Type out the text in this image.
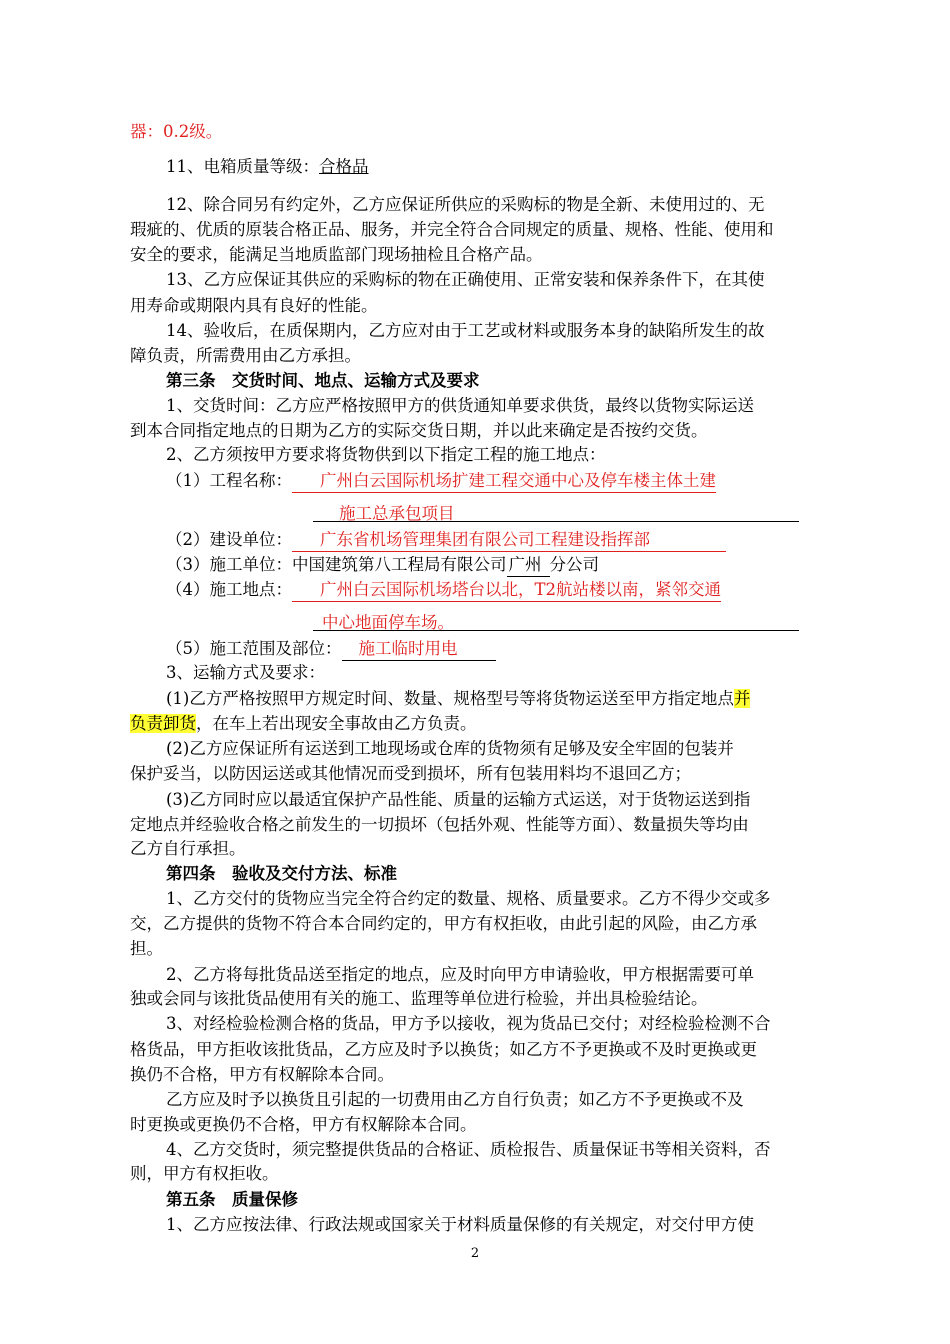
器：0.2级。
11、电箱质量等级：合格品
12、除合同另有约定外，乙方应保证所供应的采购标的物是全新、未使用过的、无
瑕疵的、优质的原装合格正品、服务，并完全符合合同规定的质量、规格、性能、使用和
安全的要求，能满足当地质监部门现场抽检且合格产品。
13、乙方应保证其供应的采购标的物在正确使用、正常安装和保养条件下，在其使
用寿命或期限内具有良好的性能。
14、验收后，在质保期内，乙方应对由于工艺或材料或服务本身的缺陷所发生的故
障负责，所需费用由乙方承担。
第三条　交货时间、地点、运输方式及要求
1、交货时间：乙方应严格按照甲方的供货通知单要求供货，最终以货物实际运送
到本合同指定地点的日期为乙方的实际交货日期，并以此来确定是否按约交货。
2、乙方须按甲方要求将货物供到以下指定工程的施工地点：
（1）工程名称： 广州白云国际机场扩建工程交通中心及停车楼主体土建
施工总承包项目
（2）建设单位： 广东省机场管理集团有限公司工程建设指挥部
（3）施工单位：中国建筑第八工程局有限公司 广州 分公司
（4）施工地点： 广州白云国际机场塔台以北，T2航站楼以南，紧邻交通
中心地面停车场。
（5）施工范围及部位： 施工临时用电
3、运输方式及要求：
(1)乙方严格按照甲方规定时间、数量、规格型号等将货物运送至甲方指定地点并
负责卸货，在车上若出现安全事故由乙方负责。
(2)乙方应保证所有运送到工地现场或仓库的货物须有足够及安全牢固的包装并
保护妥当，以防因运送或其他情况而受到损坏，所有包装用料均不退回乙方；
(3)乙方同时应以最适宜保护产品性能、质量的运输方式运送，对于货物运送到指
定地点并经验收合格之前发生的一切损坏（包括外观、性能等方面）、数量损失等均由
乙方自行承担。
第四条　验收及交付方法、标准
1、乙方交付的货物应当完全符合约定的数量、规格、质量要求。乙方不得少交或多
交，乙方提供的货物不符合本合同约定的，甲方有权拒收，由此引起的风险，由乙方承
担。
2、乙方将每批货品送至指定的地点，应及时向甲方申请验收，甲方根据需要可单
独或会同与该批货品使用有关的施工、监理等单位进行检验，并出具检验结论。
3、对经检验检测合格的货品，甲方予以接收，视为货品已交付；对经检验检测不合
格货品，甲方拒收该批货品，乙方应及时予以换货；如乙方不予更换或不及时更换或更
换仍不合格，甲方有权解除本合同。
乙方应及时予以换货且引起的一切费用由乙方自行负责；如乙方不予更换或不及
时更换或更换仍不合格，甲方有权解除本合同。
4、乙方交货时，须完整提供货品的合格证、质检报告、质量保证书等相关资料，否
则，甲方有权拒收。
第五条　质量保修
1、乙方应按法律、行政法规或国家关于材料质量保修的有关规定，对交付甲方使
2
